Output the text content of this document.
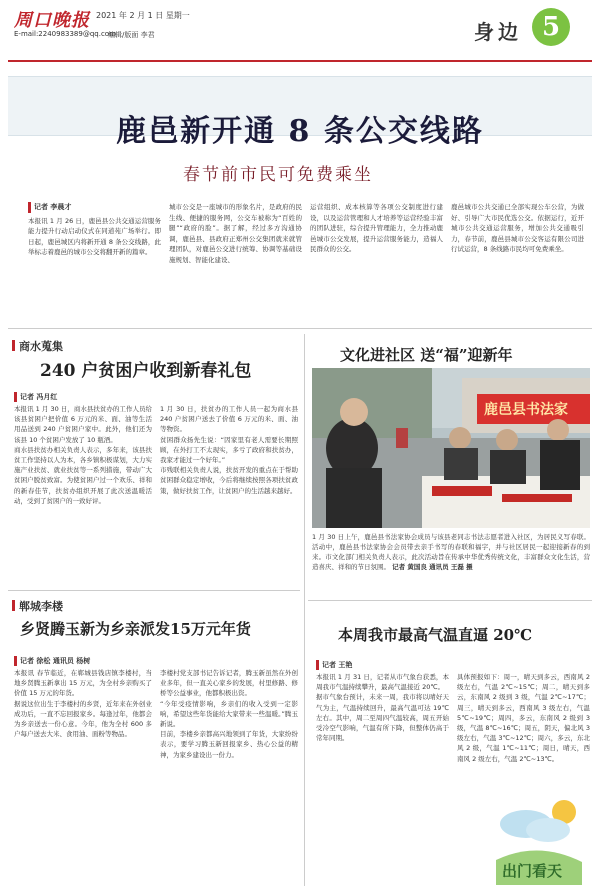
周口晚报 2021 年 2 月 1 日 星期一
E-mail:2240983389@qq.com
编辑/版面 李君	身边 5
鹿邑新开通 8 条公交线路
春节前市民可免费乘坐
记者 李晨才

本报讯 1 月 26 日，鹿邑县公共交通运营服务能力提升行动启动仪式在同道苑广场举行。即日起，鹿邑城区内将新开通 8 条公交线路，此举标志着鹿邑的城市公交将翻开新的篇章。

城市公交是一座城市的形象名片，是政府的民生线、便捷的服务网，公交车被称为“百姓的腿”“政府的脸”。据了解，经过多方沟通协调，鹿邑县、县政府正郑州公交集团就来就管理团队，对鹿邑公交进行统筹、协调等基础设施规划、智能化建设、

运营组织、成本核算等各项公交制度进行建设，以及运营管理和人才培养等运营经验丰富的团队进驻，综合提升管理能力，全力推动鹿邑城市公交发展，提升运营服务能力，造福人民群众的公交。

鹿邑城市公共交通已全部实现公车公营，为做好、引导广大市民优选公交。依据运行，近开城市公共交通运营服务，增加公共交通吸引力，春节前，鹿邑县城市公交客运有限公司进行试运营，8 条线路市民均可免费乘坐。

商水蒐集
240 户贫困户收到新春礼包
记者 冯月红

本报讯 1 月 30 日，商水县扶贫办的工作人员给该县贫困户把价值 6 万元的米、面、油等生活用品送到 240 户贫困户家中。此外，他们还为该县 10 个贫困户发放了 10 瓶酒。

商水县扶贫办相关负责人表示，多年来，该县扶贫工作坚持以人为本，各乡镇积极谋划，大力实施产业扶贫、就业扶贫等一系列措施，带动广大贫困户脱贫致富。为使贫困户过一个欢乐、祥和的新春佳节，扶贫办组织开展了此次送温暖活动，受到了贫困户的一致好评。

1 月 30 日，扶贫办的工作人员一起为商水县 240 户贫困户送去了价值 6 万元的米、面、油等物资。

贫困群众扬先生说：“因家里有老人需要长期照顾，在外打工不太现实，多亏了政府和扶贫办，我家才能过一个好年。”

市残联相关负责人说，扶贫开发的重点在于帮助贫困群众稳定增收，今后将继续按照各项扶贫政策，做好扶贫工作，让贫困户的生活越来越好。

郸城李楼
乡贤腾玉新为乡亲派发15万元年货
记者 徐松 通讯员 杨树

本报讯 春节临近，在郸城县钱店镇李楼村，当地乡贤腾玉新拿出 15 万元，为全村乡亲购买了价值 15 万元的年货。

据说这位出生于李楼村的乡贤，近年来在外创业成功后，一直不忘回报家乡。每逢过年，他都会为乡亲送去一份心意。今年，他为全村 600 多户每户送去大米、食用油、面粉等物品。

李楼村党支部书记告诉记者，腾玉新虽然在外创业多年，但一直关心家乡的发展，村里修路、修桥等公益事业，他都积极出资。

“今年受疫情影响，乡亲们的收入受到一定影响，希望这些年货能给大家带来一些温暖。”腾玉新说。

目前，李楼乡亲都高兴地领到了年货，大家纷纷表示，要学习腾玉新回报家乡、热心公益的精神，为家乡建设出一份力。

文化进社区 送“福”迎新年
鹿邑县书法家
1 月 30 日上午，鹿邑县书法家协会成员与该县老同志书法志愿者进入社区，为居民义写春联。活动中，鹿邑县书法家协会会员带去亲手书写的春联和福字，并与社区居民一起迎接新春的到来。市文化部门相关负责人表示，此次活动旨在传承中华优秀传统文化，丰富群众文化生活，营造喜庆、祥和的节日氛围。 记者 黄国良 通讯员 王磊 摄
本周我市最高气温直逼 20℃
记者 王艳

本报讯 1 月 31 日，记者从市气象台获悉，本周我市气温持续攀升，最高气温接近 20℃。

据市气象台预计，未来一周，我市将以晴好天气为主，气温持续回升，最高气温可达 19℃左右。其中，周二至周四气温较高，周五开始受冷空气影响，气温有所下降，但整体仍高于常年同期。

具体预报如下：周一，晴天到多云，西南风 2 级左右，气温 2℃~15℃；周二，晴天到多云，东南风 2 级到 3 级，气温 2℃~17℃；周三，晴天到多云，西南风 3 级左右，气温 5℃~19℃；周四，多云，东南风 2 级到 3 级，气温 8℃~16℃；周五，阴天，偏北风 3 级左右，气温 3℃~12℃；周六，多云，东北风 2 级，气温 1℃~11℃；周日，晴天，西南风 2 级左右，气温 2℃~13℃。

出门看天
